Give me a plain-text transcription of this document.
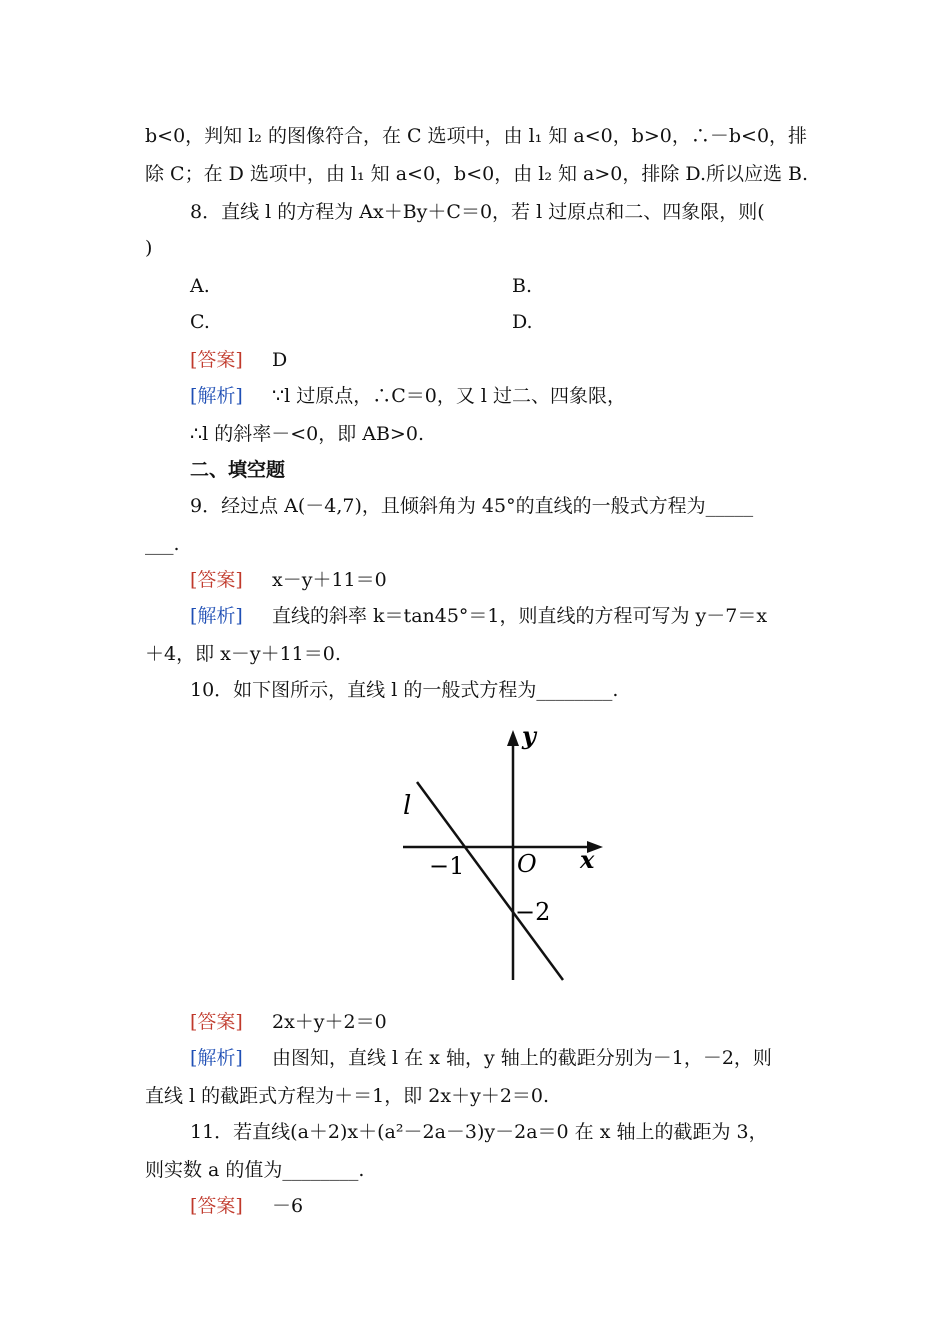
b<0，判知 l₂ 的图像符合，在 C 选项中，由 l₁ 知 a<0，b>0，∴－b<0，排
除 C；在 D 选项中，由 l₁ 知 a<0，b<0，由 l₂ 知 a>0，排除 D.所以应选 B.
8．直线 l 的方程为 Ax＋By＋C＝0，若 l 过原点和二、四象限，则(
)
A.	B.
C.	D.
[答案] D
[解析] ∵l 过原点，∴C＝0，又 l 过二、四象限，
∴l 的斜率－<0，即 AB>0.
二、填空题
9．经过点 A(－4,7)，且倾斜角为 45°的直线的一般式方程为_____
___.
[答案] x－y＋11＝0
[解析] 直线的斜率 k＝tan45°＝1，则直线的方程可写为 y－7＝x
＋4，即 x－y＋11＝0.
10．如下图所示，直线 l 的一般式方程为________.
y
x
O
l
−1
−2
[答案] 2x＋y＋2＝0
[解析] 由图知，直线 l 在 x 轴，y 轴上的截距分别为－1，－2，则
直线 l 的截距式方程为＋＝1，即 2x＋y＋2＝0.
11．若直线(a＋2)x＋(a²－2a－3)y－2a＝0 在 x 轴上的截距为 3，
则实数 a 的值为________.
[答案] －6
